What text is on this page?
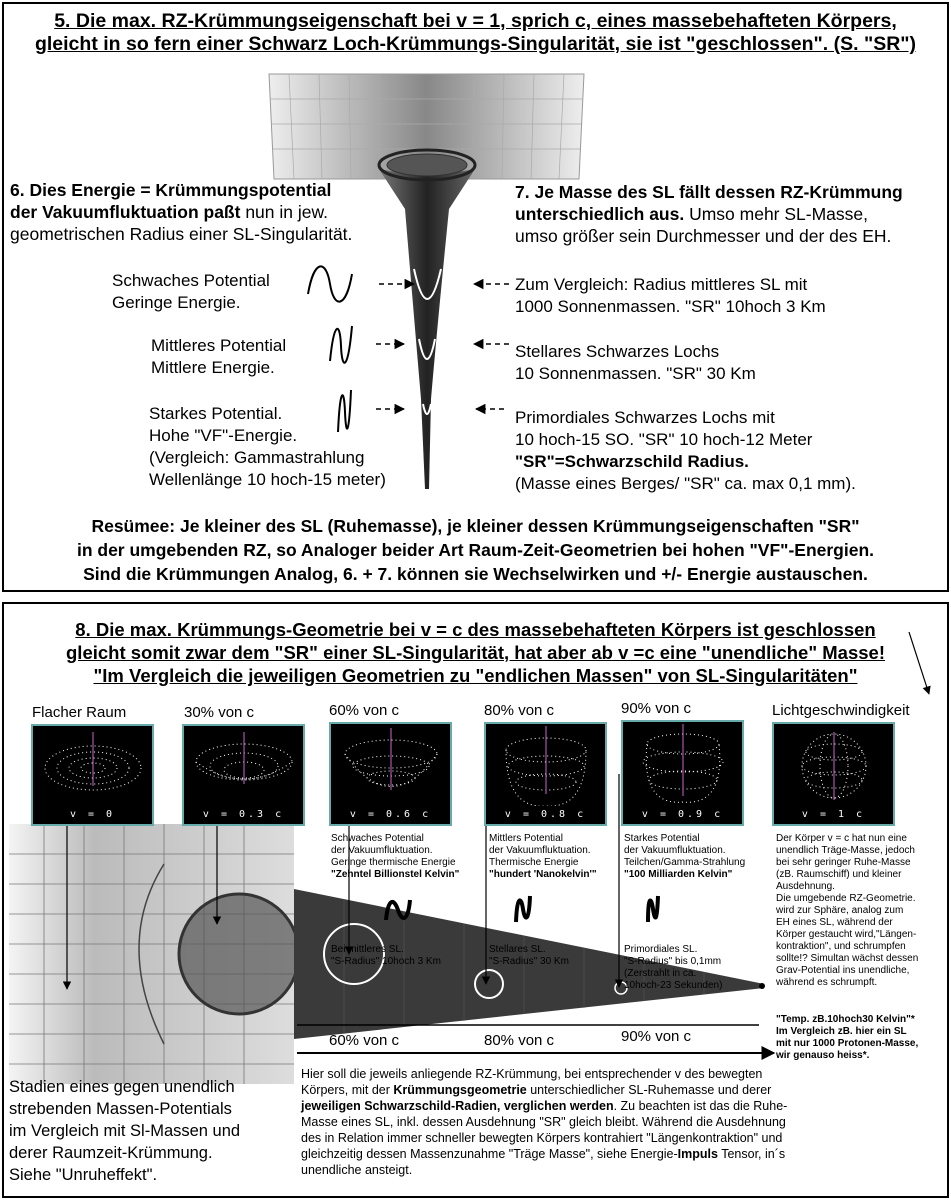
5. Die max. RZ-Krümmungseigenschaft bei v = 1, sprich c, eines massebehafteten Körpers,
gleicht in so fern einer Schwarz Loch-Krümmungs-Singularität, sie ist "geschlossen". (S. "SR")
6. Dies Energie = Krümmungspotential
der Vakuumfluktuation paßt nun in jew.
geometrischen Radius einer SL-Singularität.
7. Je Masse des SL fällt dessen RZ-Krümmung
unterschiedlich aus. Umso mehr SL-Masse,
umso größer sein Durchmesser und der des EH.
Schwaches Potential
Geringe Energie.
Mittleres Potential
Mittlere Energie.
Starkes Potential.
Hohe "VF"-Energie.
(Vergleich: Gammastrahlung
Wellenlänge 10 hoch-15 meter)
Zum Vergleich: Radius mittleres SL mit
1000 Sonnenmassen. "SR" 10hoch 3 Km
Stellares Schwarzes Lochs
10 Sonnenmassen. "SR" 30 Km
Primordiales Schwarzes Lochs mit
10 hoch-15 SO. "SR" 10 hoch-12 Meter
"SR"=Schwarzschild Radius.
(Masse eines Berges/ "SR" ca. max 0,1 mm).
Resümee: Je kleiner des SL (Ruhemasse), je kleiner dessen Krümmungseigenschaften "SR"
in der umgebenden RZ, so Analoger beider Art Raum-Zeit-Geometrien bei hohen "VF"-Energien.
Sind die Krümmungen Analog, 6. + 7. können sie Wechselwirken und +/- Energie austauschen.
8. Die max. Krümmungs-Geometrie bei v = c des massebehafteten Körpers ist geschlossen
gleicht somit zwar dem "SR" einer SL-Singularität, hat aber ab v =c eine "unendliche" Masse!
"Im Vergleich die jeweiligen Geometrien zu "endlichen Massen" von SL-Singularitäten"
Flacher Raum	30% von c	60% von c	80% von c	90% von c	Lichtgeschwindigkeit
v = 0	v = 0.3 c	v = 0.6 c	v = 0.8 c	v = 0.9 c	v = 1 c
Schwaches Potential
der Vakuumfluktuation.
Geringe thermische Energie
"Zehntel Billionstel Kelvin"
Bei mittleres SL.
"S-Radius" 10hoch 3 Km
Mittlers Potential
der Vakuumfluktuation.
Thermische Energie
"hundert 'Nanokelvin'"
Stellares SL.
"S-Radius" 30 Km
Starkes Potential
der Vakuumfluktuation.
Teilchen/Gamma-Strahlung
"100 Milliarden Kelvin"
Primordiales SL.
"S-Radius" bis 0,1mm
(Zerstrahlt in ca.
10hoch-23 Sekunden)
Der Körper v = c hat nun eine
unendlich Träge-Masse, jedoch
bei sehr geringer Ruhe-Masse
(zB. Raumschiff) und kleiner
Ausdehnung.
Die umgebende RZ-Geometrie.
wird zur Sphäre, analog zum
EH eines SL, während der
Körper gestaucht wird,"Längen-
kontraktion", und schrumpfen
sollte!? Simultan wächst dessen
Grav-Potential ins unendliche,
während es schrumpft.
"Temp. zB.10hoch30 Kelvin"*
Im Vergleich zB. hier ein SL
mit nur 1000 Protonen-Masse,
wir genauso heiss*.
60% von c	80% von c	90% von c
Stadien eines gegen unendlich
strebenden Massen-Potentials
im Vergleich mit Sl-Massen und
derer Raumzeit-Krümmung.
Siehe "Unruheffekt".
Hier soll die jeweils anliegende RZ-Krümmung, bei entsprechender v des bewegten
Körpers, mit der Krümmungsgeometrie unterschiedlicher SL-Ruhemasse und derer
jeweiligen Schwarzschild-Radien, verglichen werden. Zu beachten ist das die Ruhe-
Masse eines SL, inkl. dessen Ausdehnung "SR" gleich bleibt. Während die Ausdehnung
des in Relation immer schneller bewegten Körpers kontrahiert "Längenkontraktion" und
gleichzeitig dessen Massenzunahme "Träge Masse", siehe Energie-Impuls Tensor, in´s
unendliche ansteigt.
